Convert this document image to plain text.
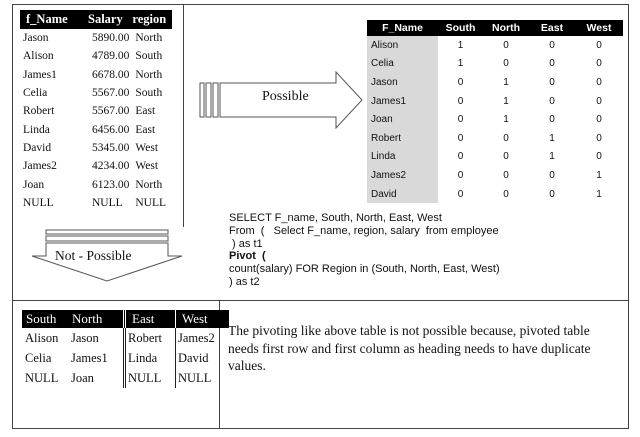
f_Name	Salary	region
Jason	5890.00	North
Alison	4789.00	South
James1	6678.00	North
Celia	5567.00	South
Robert	5567.00	East
Linda	6456.00	East
David	5345.00	West
James2	4234.00	West
Joan	6123.00	North
NULL	NULL	NULL
Possible
Not - Possible
F_Name	South	North	East	West
Alison	1	0	0	0
Celia	1	0	0	0
Jason	0	1	0	0
James1	0	1	0	0
Joan	0	1	0	0
Robert	0	0	1	0
Linda	0	0	1	0
James2	0	0	0	1
David	0	0	0	1
SELECT F_name, South, North, East, West
From  (   Select F_name, region, salary  from employee
) as t1
Pivot  (
count(salary) FOR Region in (South, North, East, West)
) as t2
South	North	East	West
Alison	Jason	Robert	James2
Celia	James1	Linda	David
NULL	Joan	NULL	NULL
The pivoting like above table is not possible because, pivoted table needs first row and first column as heading needs to have duplicate values.
